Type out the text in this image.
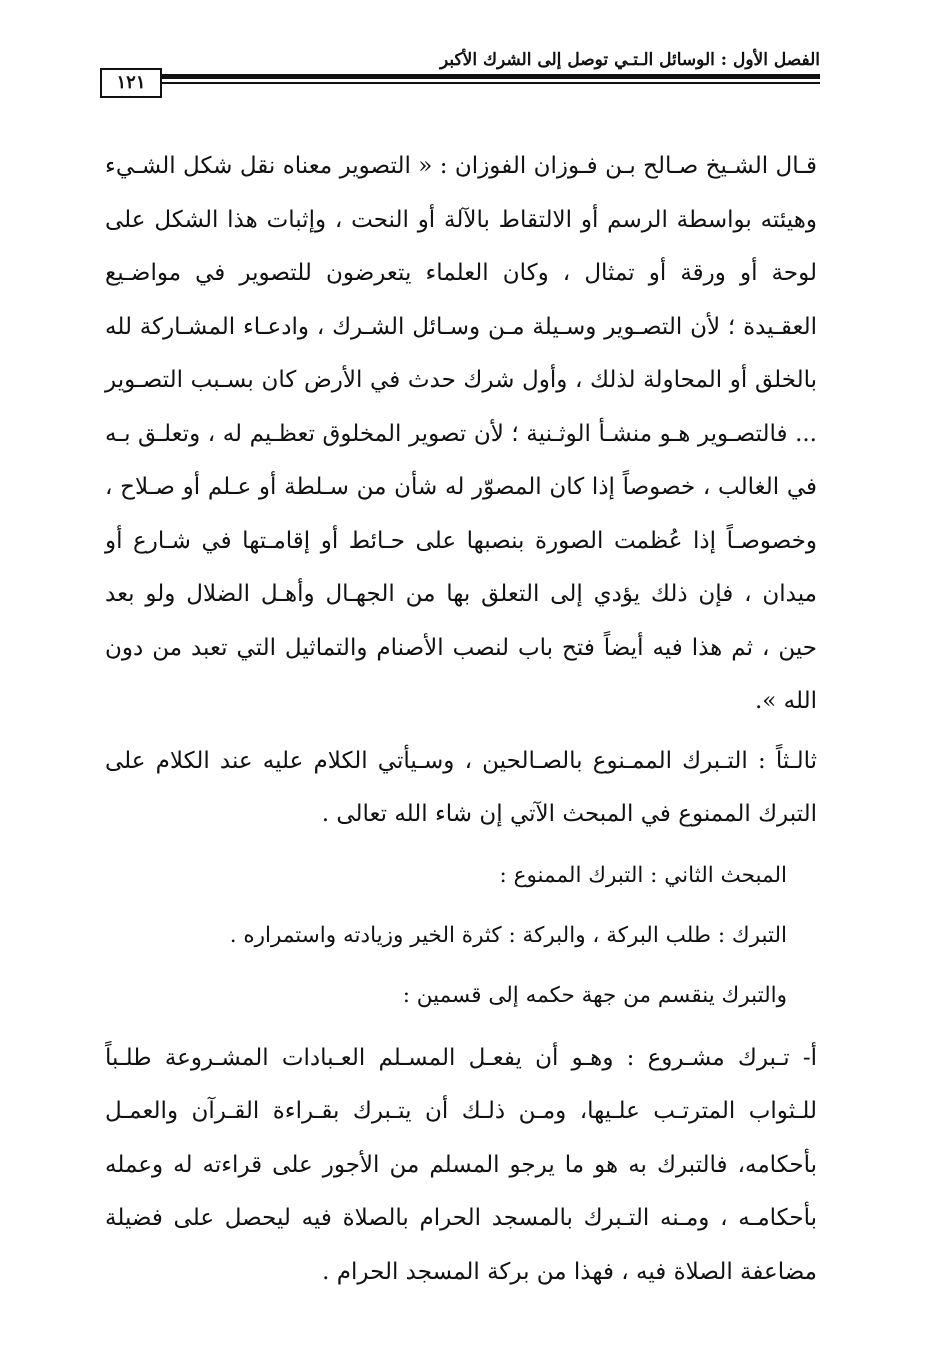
الفصل الأول : الوسائل الـتـي توصل إلى الشرك الأكبر
١٢١

قـال الشـيخ صـالح بـن فـوزان الفوزان : « التصوير معناه نقل شكل الشـيء وهيئته بواسطة الرسم أو الالتقاط بالآلة أو النحت ، وإثبات هذا الشكل على لوحة أو ورقة أو تمثال ، وكان العلماء يتعرضون للتصوير في مواضـيع العقـيدة ؛ لأن التصـوير وسـيلة مـن وسـائل الشـرك ، وادعـاء المشـاركة لله بالخلق أو المحاولة لذلك ، وأول شرك حدث في الأرض كان بسـبب التصـوير ... فالتصـوير هـو منشـأ الوثـنية ؛ لأن تصوير المخلوق تعظـيم له ، وتعلـق بـه في الغالب ، خصوصاً إذا كان المصوّر له شأن من سـلطة أو عـلم أو صـلاح ، وخصوصـاً إذا عُظمت الصورة بنصبها على حـائط أو إقامـتها في شـارع أو ميدان ، فإن ذلك يؤدي إلى التعلق بها من الجهـال وأهـل الضلال ولو بعد حين ، ثم هذا فيه أيضاً فتح باب لنصب الأصنام والتماثيل التي تعبد من دون الله ».

ثالـثاً : التـبرك الممـنوع بالصـالحين ، وسـيأتي الكلام عليه عند الكلام على التبرك الممنوع في المبحث الآتي إن شاء الله تعالى .

المبحث الثاني : التبرك الممنوع :

التبرك : طلب البركة ، والبركة : كثرة الخير وزيادته واستمراره .

والتبرك ينقسم من جهة حكمه إلى قسمين :

أ- تـبرك مشـروع : وهـو أن يفعـل المسـلم العـبادات المشـروعة طلـباً للـثواب المترتـب علـيها، ومـن ذلـك أن يتـبرك بقـراءة القـرآن والعمـل بأحكامه، فالتبرك به هو ما يرجو المسلم من الأجور على قراءته له وعمله بأحكامـه ، ومـنه التـبرك بالمسجد الحرام بالصلاة فيه ليحصل على فضيلة مضاعفة الصلاة فيه ، فهذا من بركة المسجد الحرام .
